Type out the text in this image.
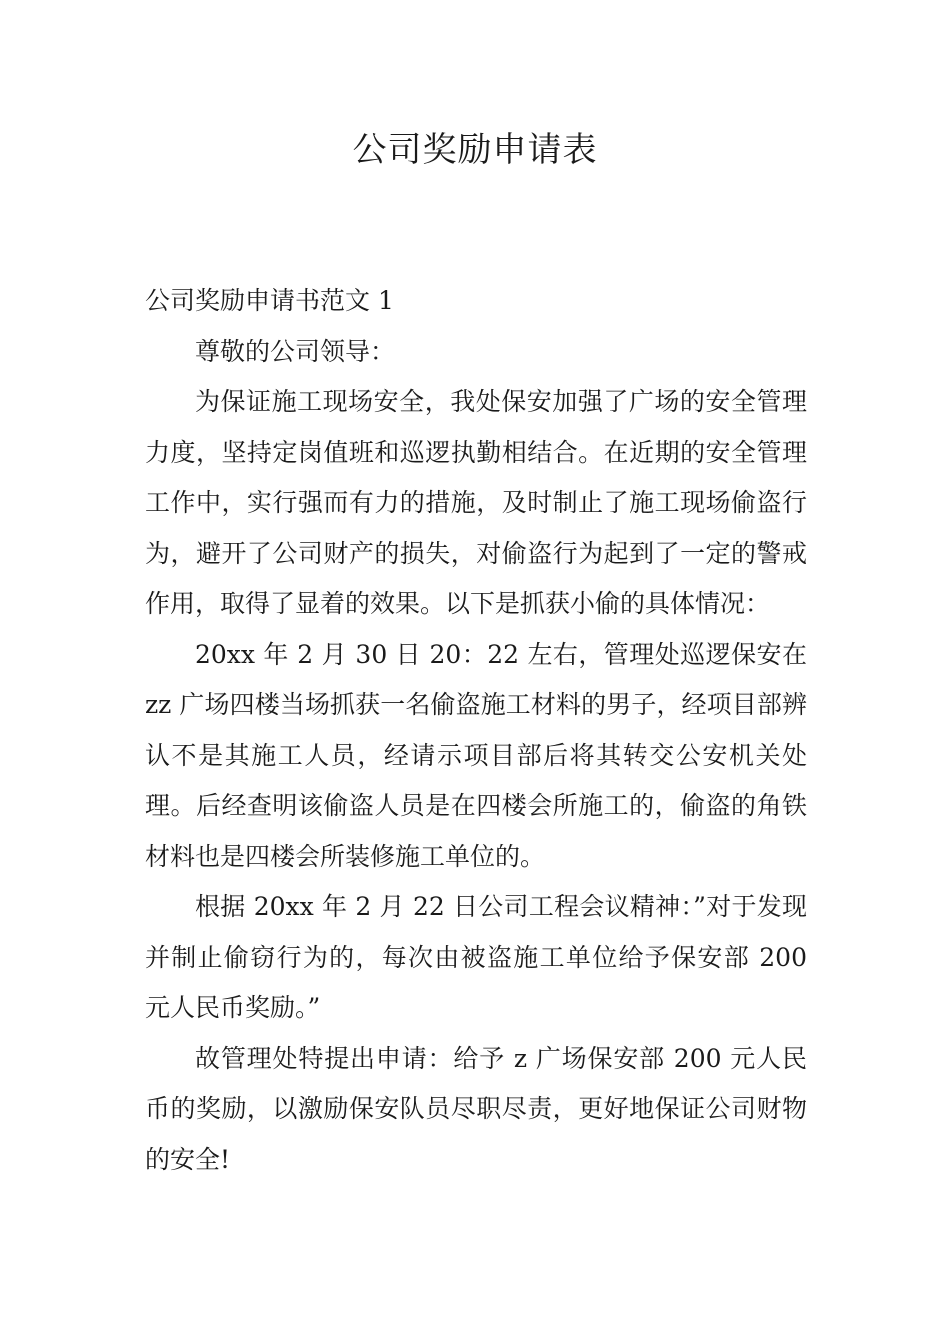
公司奖励申请表

公司奖励申请书范文 1

尊敬的公司领导：

为保证施工现场安全，我处保安加强了广场的安全管理力度，坚持定岗值班和巡逻执勤相结合。在近期的安全管理工作中，实行强而有力的措施，及时制止了施工现场偷盗行为，避开了公司财产的损失，对偷盗行为起到了一定的警戒作用，取得了显着的效果。以下是抓获小偷的具体情况：

20xx 年 2 月 30 日 20：22 左右，管理处巡逻保安在 zz 广场四楼当场抓获一名偷盗施工材料的男子，经项目部辨认不是其施工人员，经请示项目部后将其转交公安机关处理。后经查明该偷盗人员是在四楼会所施工的，偷盗的角铁材料也是四楼会所装修施工单位的。

根据 20xx 年 2 月 22 日公司工程会议精神：”对于发现并制止偷窃行为的，每次由被盗施工单位给予保安部 200 元人民币奖励。”

故管理处特提出申请：给予 z 广场保安部 200 元人民币的奖励，以激励保安队员尽职尽责，更好地保证公司财物的安全!
